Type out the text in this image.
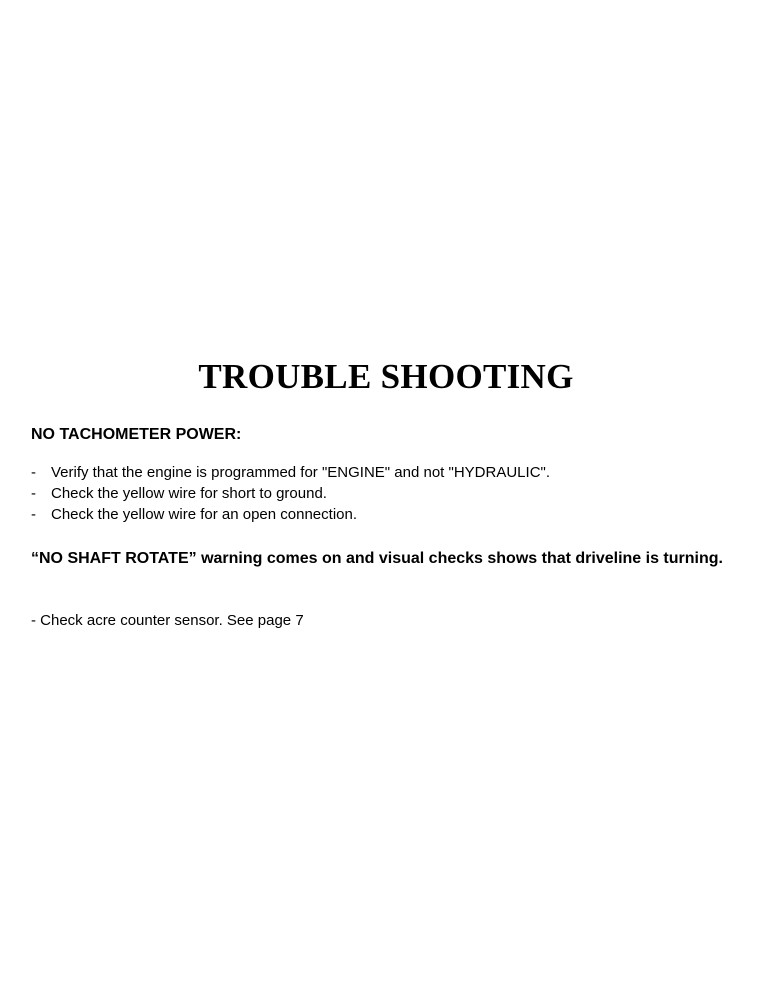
TROUBLE SHOOTING
NO TACHOMETER POWER:
-	Verify that the engine is programmed for "ENGINE" and not "HYDRAULIC".
-	Check the yellow wire for short to ground.
-	Check the yellow wire for an open connection.
“NO SHAFT ROTATE” warning comes on and visual checks shows that driveline is turning.
- Check acre counter sensor. See page 7
